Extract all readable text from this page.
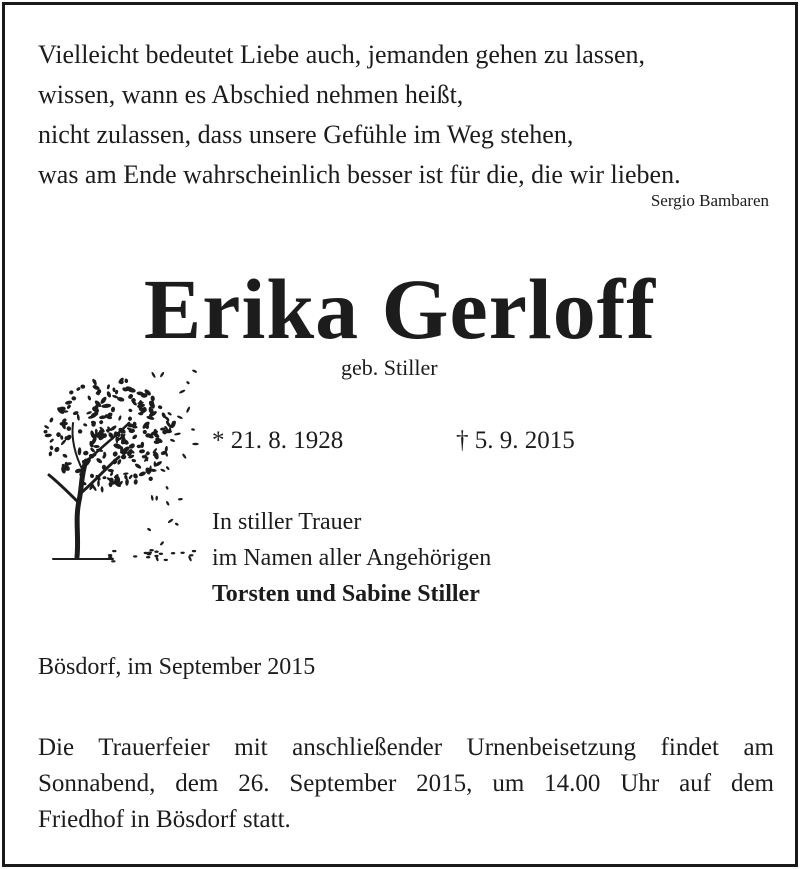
Vielleicht bedeutet Liebe auch, jemanden gehen zu lassen,
wissen, wann es Abschied nehmen heißt,
nicht zulassen, dass unsere Gefühle im Weg stehen,
was am Ende wahrscheinlich besser ist für die, die wir lieben.

Sergio Bambaren
Erika Gerloff
geb. Stiller
* 21. 8. 1928	† 5. 9. 2015
In stiller Trauer
im Namen aller Angehörigen
Torsten und Sabine Stiller
Bösdorf, im September 2015

Die Trauerfeier mit anschließender Urnenbeisetzung findet am
Sonnabend, dem 26. September 2015, um 14.00 Uhr auf dem
Friedhof in Bösdorf statt.
